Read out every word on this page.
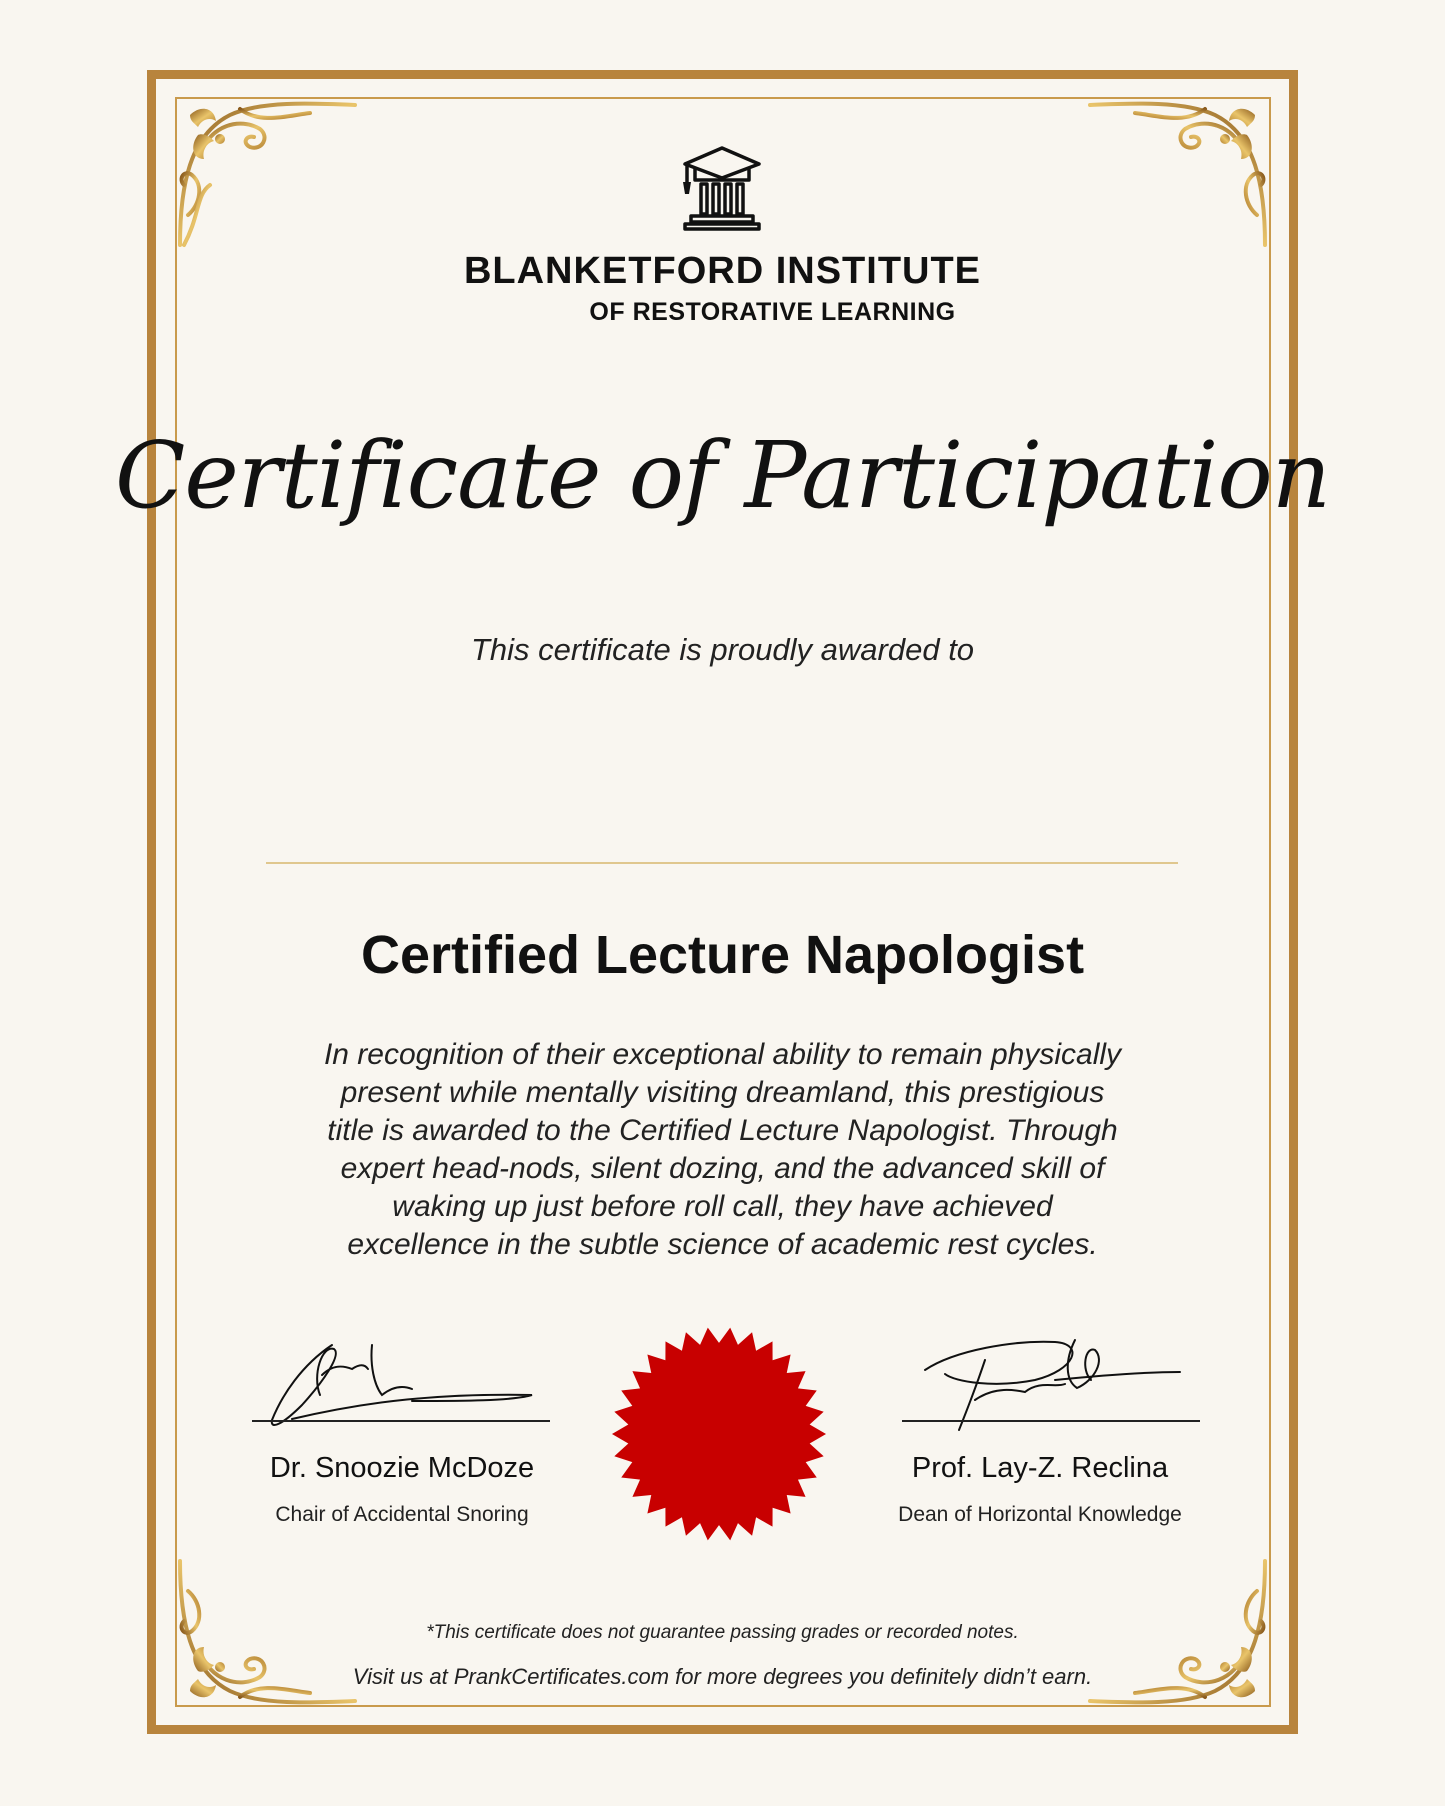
BLANKETFORD INSTITUTE
OF RESTORATIVE LEARNING
Certificate of Participation
This certificate is proudly awarded to
Certified Lecture Napologist
In recognition of their exceptional ability to remain physically present while mentally visiting dreamland, this prestigious title is awarded to the Certified Lecture Napologist. Through expert head-nods, silent dozing, and the advanced skill of waking up just before roll call, they have achieved excellence in the subtle science of academic rest cycles.
Dr. Snoozie McDoze
Chair of Accidental Snoring
Prof. Lay-Z. Reclina
Dean of Horizontal Knowledge
*This certificate does not guarantee passing grades or recorded notes.
Visit us at PrankCertificates.com for more degrees you definitely didn’t earn.
